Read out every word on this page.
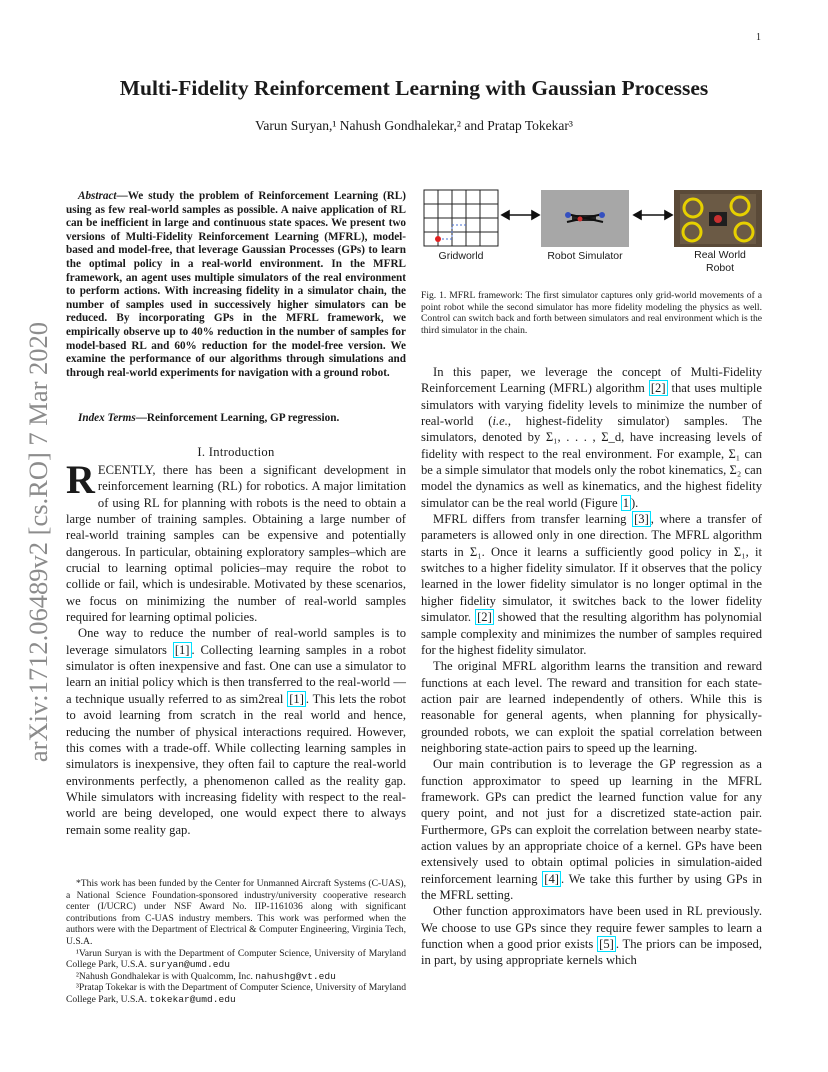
1
arXiv:1712.06489v2 [cs.RO] 7 Mar 2020
Multi-Fidelity Reinforcement Learning with Gaussian Processes
Varun Suryan,¹ Nahush Gondhalekar,² and Pratap Tokekar³

Abstract—We study the problem of Reinforcement Learning (RL) using as few real-world samples as possible. A naive application of RL can be inefficient in large and continuous state spaces. We present two versions of Multi-Fidelity Reinforcement Learning (MFRL), model-based and model-free, that leverage Gaussian Processes (GPs) to learn the optimal policy in a real-world environment. In the MFRL framework, an agent uses multiple simulators of the real environment to perform actions. With increasing fidelity in a simulator chain, the number of samples used in successively higher simulators can be reduced. By incorporating GPs in the MFRL framework, we empirically observe up to 40% reduction in the number of samples for model-based RL and 60% reduction for the model-free version. We examine the performance of our algorithms through simulations and through real-world experiments for navigation with a ground robot.

Index Terms—Reinforcement Learning, GP regression.

I. Introduction

RECENTLY, there has been a significant development in reinforcement learning (RL) for robotics. A major limitation of using RL for planning with robots is the need to obtain a large number of training samples. Obtaining a large number of real-world training samples can be expensive and potentially dangerous. In particular, obtaining exploratory samples–which are crucial to learning optimal policies–may require the robot to collide or fail, which is undesirable. Motivated by these scenarios, we focus on minimizing the number of real-world samples required for learning optimal policies.

One way to reduce the number of real-world samples is to leverage simulators [1] . Collecting learning samples in a robot simulator is often inexpensive and fast. One can use a simulator to learn an initial policy which is then transferred to the real-world — a technique usually referred to as sim2real [1] . This lets the robot to avoid learning from scratch in the real world and hence, reducing the number of physical interactions required. However, this comes with a trade-off. While collecting learning samples in simulators is inexpensive, they often fail to capture the real-world environments perfectly, a phenomenon called as the reality gap. While simulators with increasing fidelity with respect to the real-world are being developed, one would expect there to always remain some reality gap.

*This work has been funded by the Center for Unmanned Aircraft Systems (C-UAS), a National Science Foundation-sponsored industry/university cooperative research center (I/UCRC) under NSF Award No. IIP-1161036 along with significant contributions from C-UAS industry members. This work was performed when the authors were with the Department of Electrical & Computer Engineering, Virginia Tech, U.S.A.

¹Varun Suryan is with the Department of Computer Science, University of Maryland College Park, U.S.A. suryan@umd.edu

²Nahush Gondhalekar is with Qualcomm, Inc. nahushg@vt.edu

³Pratap Tokekar is with the Department of Computer Science, University of Maryland College Park, U.S.A. tokekar@umd.edu

Gridworld	Robot Simulator	Real World Robot

Fig. 1. MFRL framework: The first simulator captures only grid-world movements of a point robot while the second simulator has more fidelity modeling the physics as well. Control can switch back and forth between simulators and real environment which is the third simulator in the chain.

In this paper, we leverage the concept of Multi-Fidelity Reinforcement Learning (MFRL) algorithm [2] that uses multiple simulators with varying fidelity levels to minimize the number of real-world (i.e., highest-fidelity simulator) samples. The simulators, denoted by Σ₁, . . . , Σ_d, have increasing levels of fidelity with respect to the real environment. For example, Σ₁ can be a simple simulator that models only the robot kinematics, Σ₂ can model the dynamics as well as kinematics, and the highest fidelity simulator can be the real world (Figure 1 ).

MFRL differs from transfer learning [3] , where a transfer of parameters is allowed only in one direction. The MFRL algorithm starts in Σ₁. Once it learns a sufficiently good policy in Σ₁, it switches to a higher fidelity simulator. If it observes that the policy learned in the lower fidelity simulator is no longer optimal in the higher fidelity simulator, it switches back to the lower fidelity simulator. [2] showed that the resulting algorithm has polynomial sample complexity and minimizes the number of samples required for the highest fidelity simulator.

The original MFRL algorithm learns the transition and reward functions at each level. The reward and transition for each state-action pair are learned independently of others. While this is reasonable for general agents, when planning for physically-grounded robots, we can exploit the spatial correlation between neighboring state-action pairs to speed up the learning.

Our main contribution is to leverage the GP regression as a function approximator to speed up learning in the MFRL framework. GPs can predict the learned function value for any query point, and not just for a discretized state-action pair. Furthermore, GPs can exploit the correlation between nearby state-action values by an appropriate choice of a kernel. GPs have been extensively used to obtain optimal policies in simulation-aided reinforcement learning [4] . We take this further by using GPs in the MFRL setting.

Other function approximators have been used in RL previously. We choose to use GPs since they require fewer samples to learn a function when a good prior exists [5] . The priors can be imposed, in part, by using appropriate kernels which
